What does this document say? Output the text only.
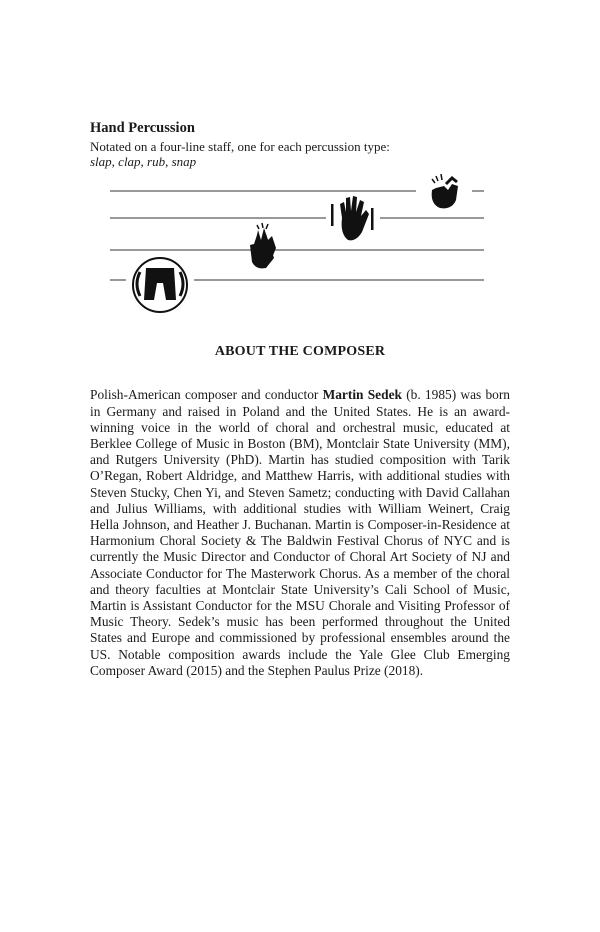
Hand Percussion
Notated on a four-line staff, one for each percussion type:
slap, clap, rub, snap
ABOUT THE COMPOSER

Polish-American composer and conductor Martin Sedek (b. 1985) was born in Germany and raised in Poland and the United States. He is an award-winning voice in the world of choral and orchestral music, educated at Berklee College of Music in Boston (BM), Montclair State University (MM), and Rutgers University (PhD). Martin has studied composition with Tarik O’Regan, Robert Aldridge, and Matthew Harris, with additional studies with Steven Stucky, Chen Yi, and Steven Sametz; conducting with David Callahan and Julius Williams, with additional studies with William Weinert, Craig Hella Johnson, and Heather J. Buchanan. Martin is Composer-in-Residence at Harmonium Choral Society & The Baldwin Festival Chorus of NYC and is currently the Music Director and Conductor of Choral Art Society of NJ and Associate Conductor for The Masterwork Chorus. As a member of the choral and theory faculties at Montclair State University’s Cali School of Music, Martin is Assistant Conductor for the MSU Chorale and Visiting Professor of Music Theory. Sedek’s music has been performed throughout the United States and Europe and commissioned by professional ensembles around the US. Notable composition awards include the Yale Glee Club Emerging Composer Award (2015) and the Stephen Paulus Prize (2018).
